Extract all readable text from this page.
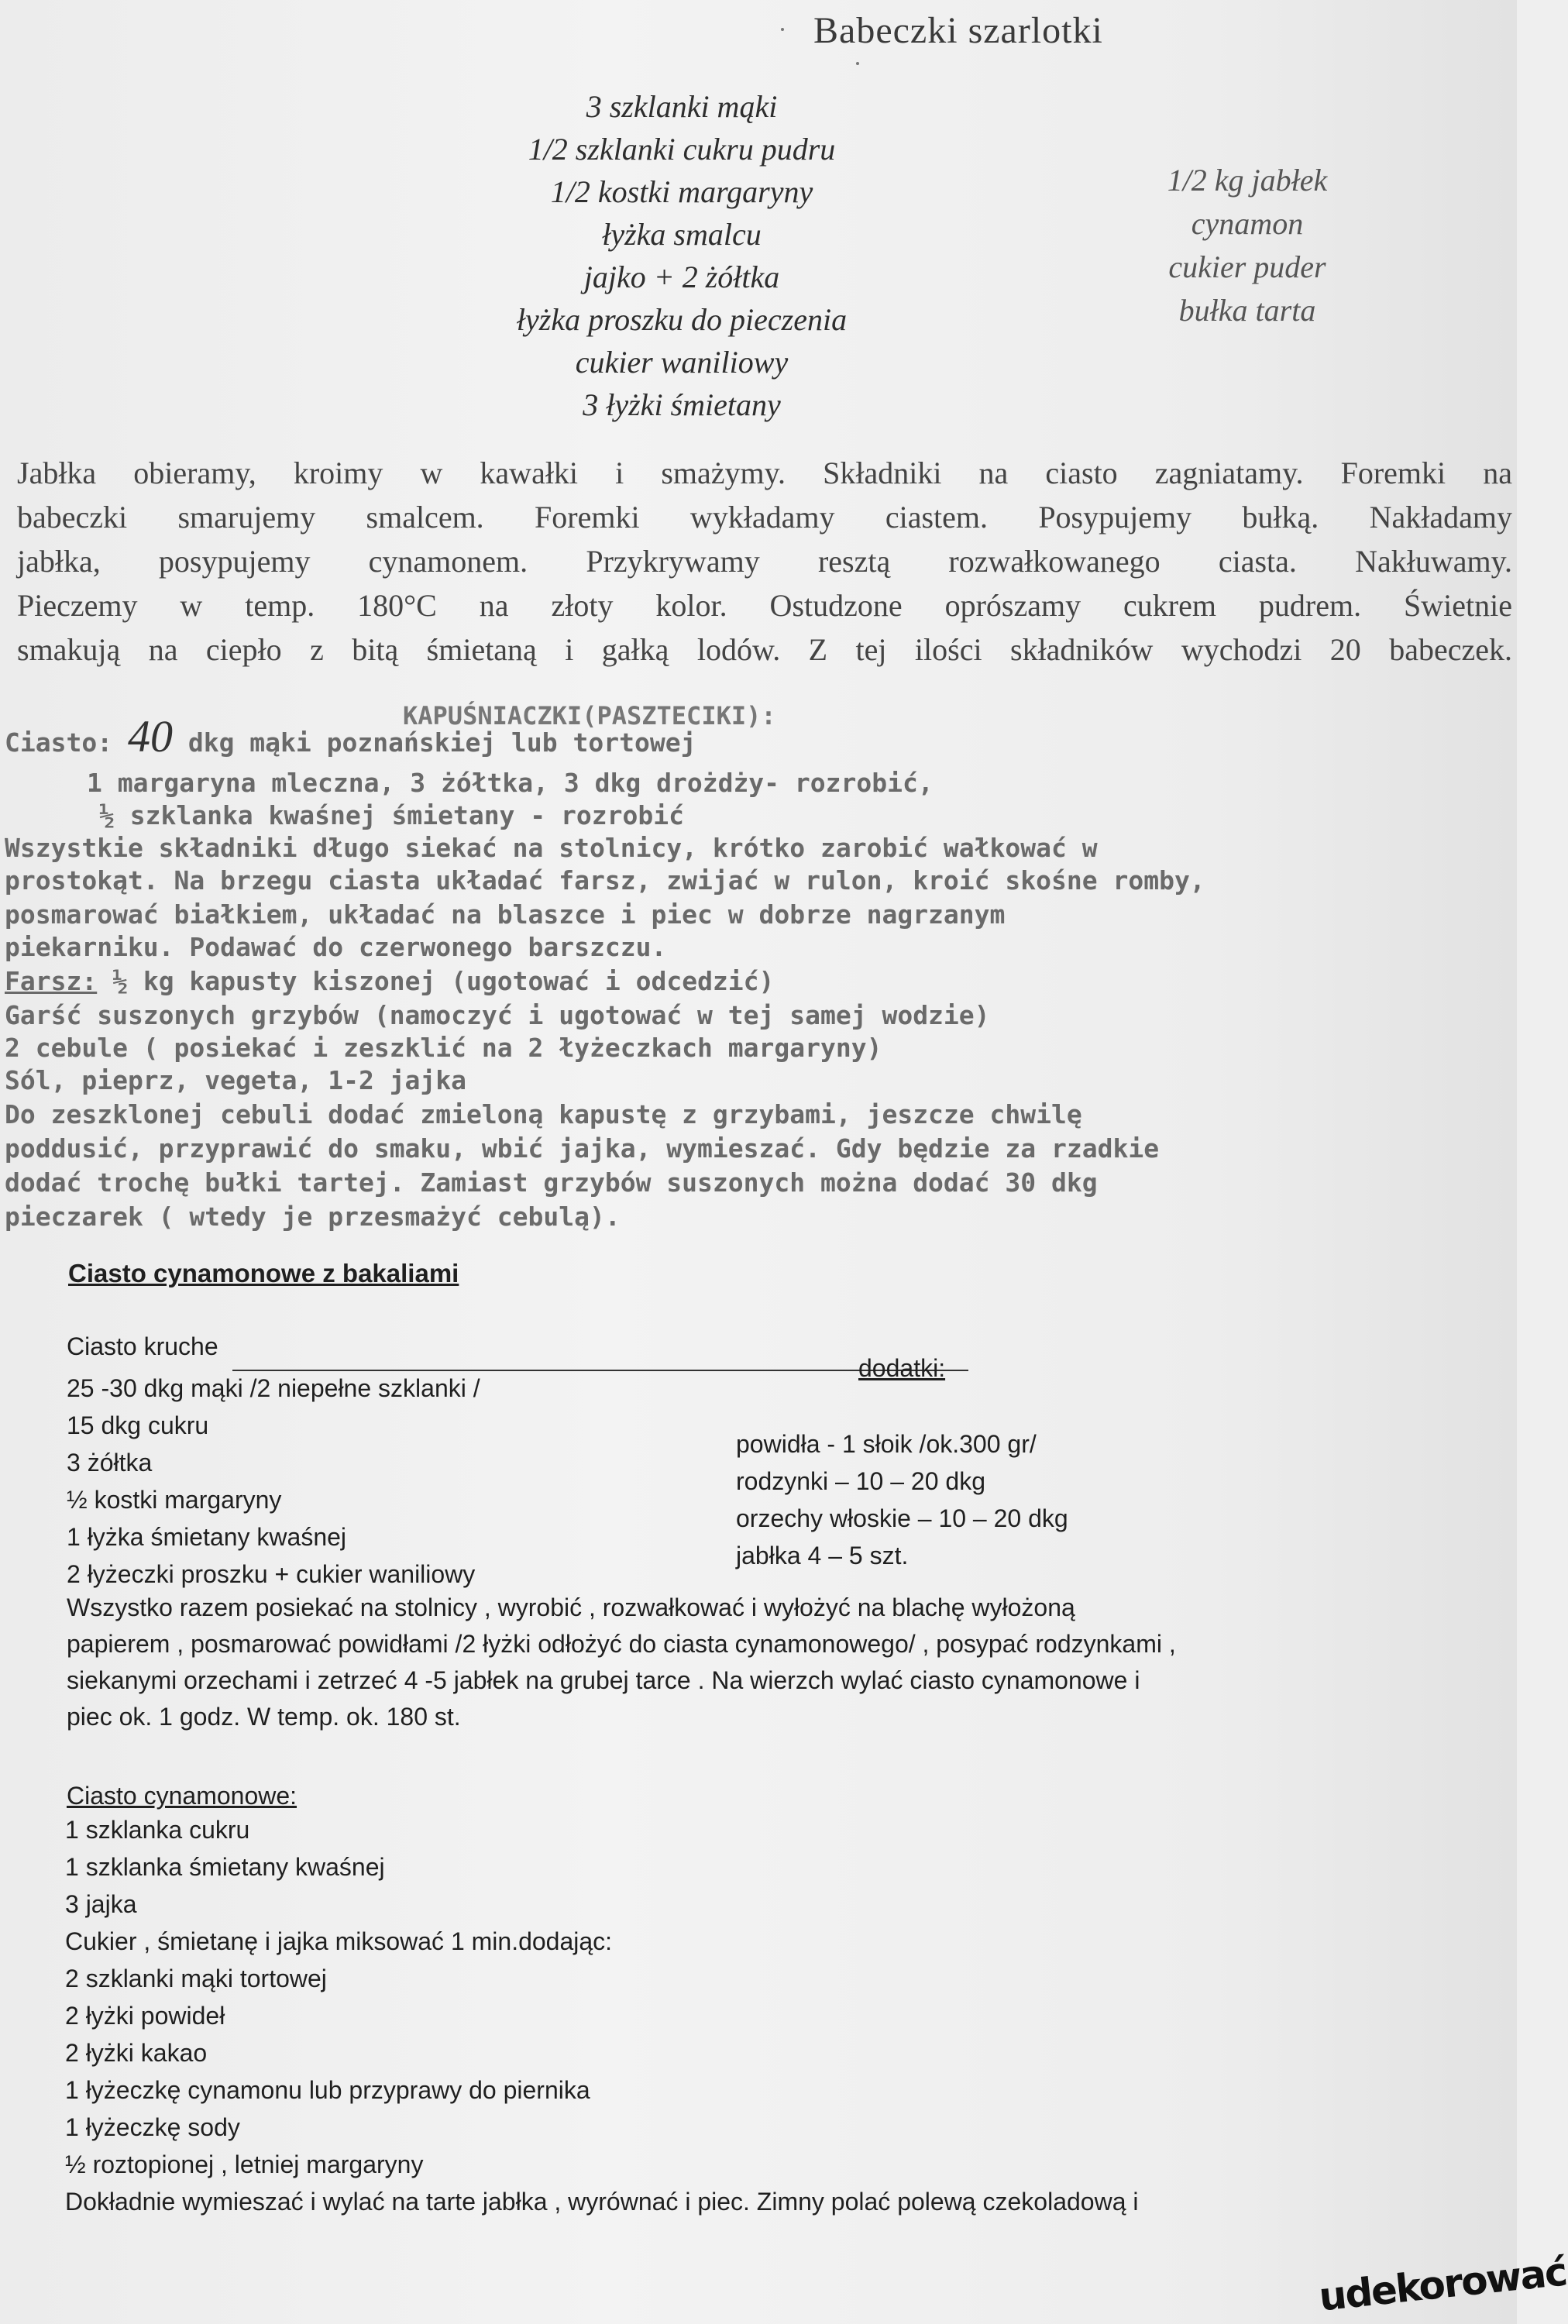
Babeczki szarlotki
3 szklanki mąki
1/2 szklanki cukru pudru
1/2 kostki margaryny
łyżka smalcu
jajko + 2 żółtka
łyżka proszku do pieczenia
cukier waniliowy
3 łyżki śmietany
1/2 kg jabłek
cynamon
cukier puder
bułka tarta
Jabłka obieramy, kroimy w kawałki i smażymy. Składniki na ciasto zagniatamy. Foremki na
babeczki smarujemy smalcem. Foremki wykładamy ciastem. Posypujemy bułką. Nakładamy
jabłka, posypujemy cynamonem. Przykrywamy resztą rozwałkowanego ciasta. Nakłuwamy.
Pieczemy w temp. 180°C na złoty kolor. Ostudzone oprószamy cukrem pudrem. Świetnie
smakują na ciepło z bitą śmietaną i gałką lodów. Z tej ilości składników wychodzi 20 babeczek.
KAPUŚNIACZKI(PASZTECIKI):
Ciasto: 40 dkg mąki poznańskiej lub tortowej
1 margaryna mleczna, 3 żółtka, 3 dkg drożdży- rozrobić,
½ szklanka kwaśnej śmietany - rozrobić
Wszystkie składniki długo siekać na stolnicy, krótko zarobić wałkować w
prostokąt. Na brzegu ciasta układać farsz, zwijać w rulon, kroić skośne romby,
posmarować białkiem, układać na blaszce i piec w dobrze nagrzanym
piekarniku. Podawać do czerwonego barszczu.
Farsz: ½ kg kapusty kiszonej (ugotować i odcedzić)
Garść suszonych grzybów (namoczyć i ugotować w tej samej wodzie)
2 cebule ( posiekać i zeszklić na 2 łyżeczkach margaryny)
Sól, pieprz, vegeta, 1-2 jajka
Do zeszklonej cebuli dodać zmieloną kapustę z grzybami, jeszcze chwilę
poddusić, przyprawić do smaku, wbić jajka, wymieszać. Gdy będzie za rzadkie
dodać trochę bułki tartej. Zamiast grzybów suszonych można dodać 30 dkg
pieczarek ( wtedy je przesmażyć cebulą).
Ciasto cynamonowe z bakaliami
Ciasto kruche
dodatki:
25 -30 dkg mąki /2 niepełne szklanki /
15 dkg cukru
3 żółtka
½ kostki margaryny
1 łyżka śmietany kwaśnej
2 łyżeczki proszku + cukier waniliowy
powidła - 1 słoik /ok.300 gr/
rodzynki – 10 – 20 dkg
orzechy włoskie – 10 – 20 dkg
jabłka 4 – 5 szt.
Wszystko razem posiekać na stolnicy , wyrobić , rozwałkować i wyłożyć na blachę wyłożoną
papierem , posmarować powidłami /2 łyżki odłożyć do ciasta cynamonowego/ , posypać rodzynkami ,
siekanymi orzechami i zetrzeć 4 -5 jabłek na grubej tarce . Na wierzch wylać ciasto cynamonowe i
piec ok. 1 godz. W temp. ok. 180 st.
Ciasto cynamonowe:
1 szklanka cukru
1 szklanka śmietany kwaśnej
3 jajka
Cukier , śmietanę i jajka miksować 1 min.dodając:
2 szklanki mąki tortowej
2 łyżki powideł
2 łyżki kakao
1 łyżeczkę cynamonu lub przyprawy do piernika
1 łyżeczkę sody
½ roztopionej , letniej margaryny
Dokładnie wymieszać i wylać na tarte jabłka , wyrównać i piec. Zimny polać polewą czekoladową i
udekorować
